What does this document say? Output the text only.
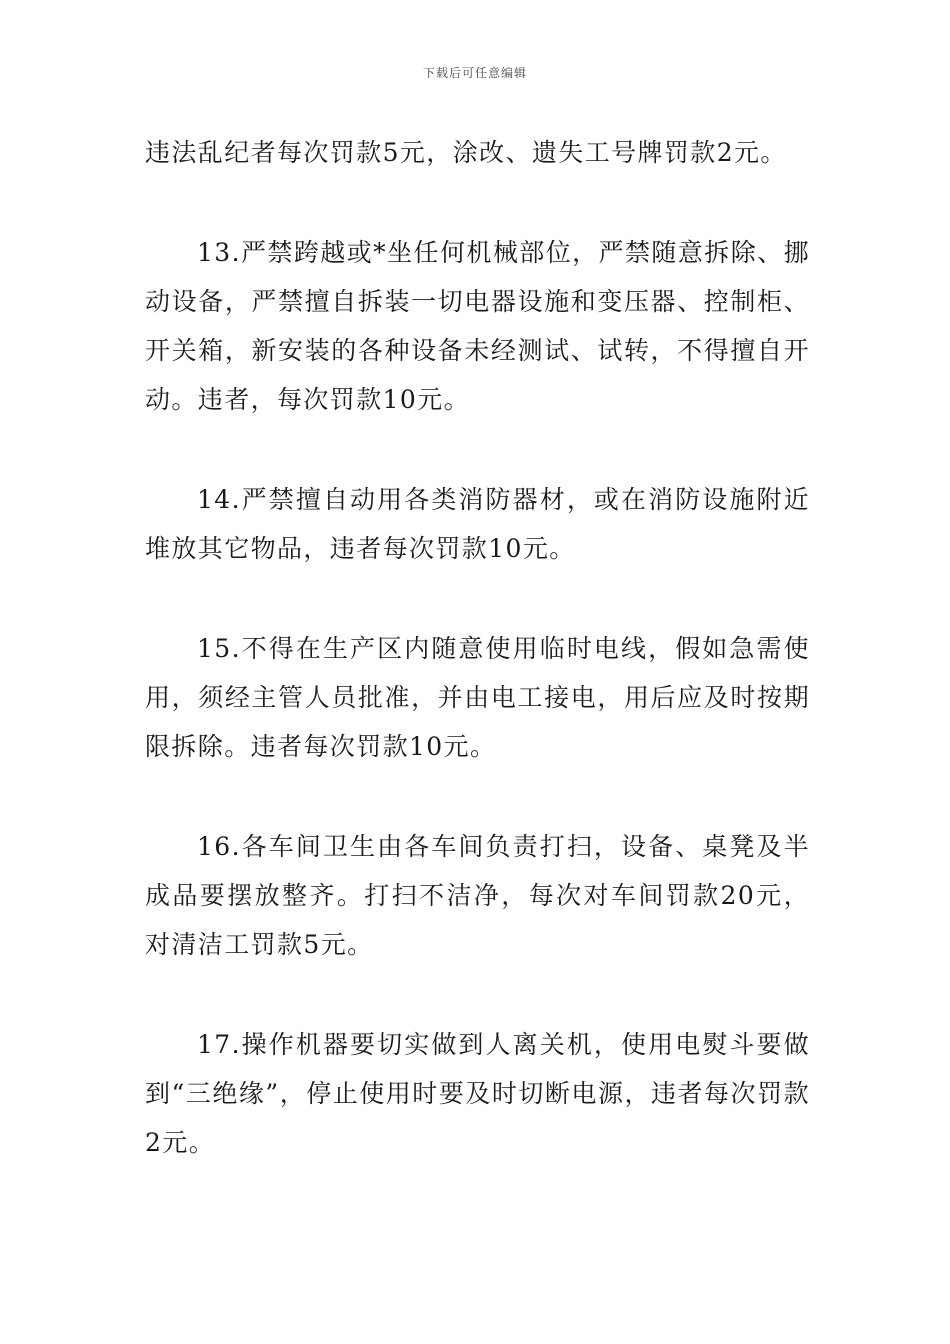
下载后可任意编辑

违法乱纪者每次罚款5元，涂改、遗失工号牌罚款2元。

13.严禁跨越或*坐任何机械部位，严禁随意拆除、挪动设备，严禁擅自拆装一切电器设施和变压器、控制柜、开关箱，新安装的各种设备未经测试、试转，不得擅自开动。违者，每次罚款10元。

14.严禁擅自动用各类消防器材，或在消防设施附近堆放其它物品，违者每次罚款10元。

15.不得在生产区内随意使用临时电线，假如急需使用，须经主管人员批准，并由电工接电，用后应及时按期限拆除。违者每次罚款10元。

16.各车间卫生由各车间负责打扫，设备、桌凳及半成品要摆放整齐。打扫不洁净，每次对车间罚款20元，对清洁工罚款5元。

17.操作机器要切实做到人离关机，使用电熨斗要做到“三绝缘”，停止使用时要及时切断电源，违者每次罚款2元。
